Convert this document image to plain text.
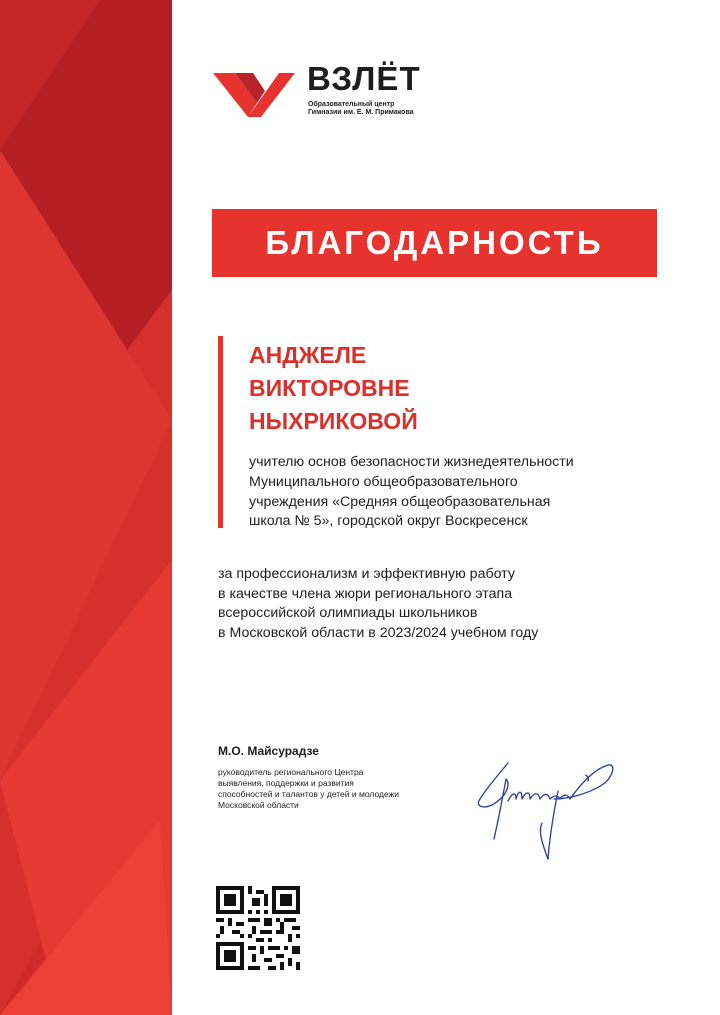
ВЗЛЁТ
Образовательный центр
Гимназии им. Е. М. Примакова
БЛАГОДАРНОСТЬ
АНДЖЕЛЕ
ВИКТОРОВНЕ
НЫХРИКОВОЙ
учителю основ безопасности жизнедеятельности
Муниципального общеобразовательного
учреждения «Средняя общеобразовательная
школа № 5», городской округ Воскресенск
за профессионализм и эффективную работу
в качестве члена жюри регионального этапа
всероссийской олимпиады школьников
в Московской области в 2023/2024 учебном году
М.О. Майсурадзе
руководитель регионального Центра
выявления, поддержки и развития
способностей и талантов у детей и молодежи
Московской области
